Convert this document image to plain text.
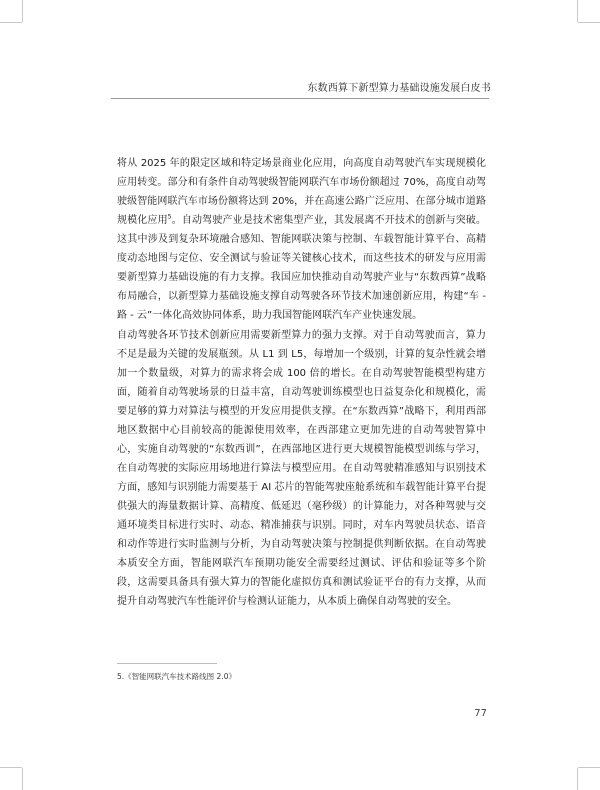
东数西算下新型算力基础设施发展白皮书
将从 2025 年的限定区域和特定场景商业化应用，向高度自动驾驶汽车实现规模化应用转变。部分和有条件自动驾驶级智能网联汽车市场份额超过 70%，高度自动驾驶级智能网联汽车市场份额将达到 20%，并在高速公路广泛应用、在部分城市道路规模化应用$^5$。自动驾驶产业是技术密集型产业，其发展离不开技术的创新与突破。这其中涉及到复杂环境融合感知、智能网联决策与控制、车载智能计算平台、高精度动态地图与定位、安全测试与验证等关键核心技术，而这些技术的研发与应用需要新型算力基础设施的有力支撑。我国应加快推动自动驾驶产业与“东数西算”战略布局融合，以新型算力基础设施支撑自动驾驶各环节技术加速创新应用，构建“车 - 路 - 云”一体化高效协同体系，助力我国智能网联汽车产业快速发展。
自动驾驶各环节技术创新应用需要新型算力的强力支撑。对于自动驾驶而言，算力不足是最为关键的发展瓶颈。从 L1 到 L5，每增加一个级别，计算的复杂性就会增加一个数量级，对算力的需求将会成 100 倍的增长。在自动驾驶智能模型构建方面，随着自动驾驶场景的日益丰富，自动驾驶训练模型也日益复杂化和规模化，需要足够的算力对算法与模型的开发应用提供支撑。在“东数西算”战略下，利用西部地区数据中心目前较高的能源使用效率，在西部建立更加先进的自动驾驶智算中心，实施自动驾驶的“东数西训”，在西部地区进行更大规模智能模型训练与学习，在自动驾驶的实际应用场地进行算法与模型应用。在自动驾驶精准感知与识别技术方面，感知与识别能力需要基于 AI 芯片的智能驾驶座舱系统和车载智能计算平台提供强大的海量数据计算、高精度、低延迟（毫秒级）的计算能力，对各种驾驶与交通环境类目标进行实时、动态、精准捕获与识别。同时，对车内驾驶员状态、语音和动作等进行实时监测与分析，为自动驾驶决策与控制提供判断依据。在自动驾驶本质安全方面，智能网联汽车预期功能安全需要经过测试、评估和验证等多个阶段，这需要具备具有强大算力的智能化虚拟仿真和测试验证平台的有力支撑，从而提升自动驾驶汽车性能评价与检测认证能力，从本质上确保自动驾驶的安全。
5.《智能网联汽车技术路线图 2.0》
77
